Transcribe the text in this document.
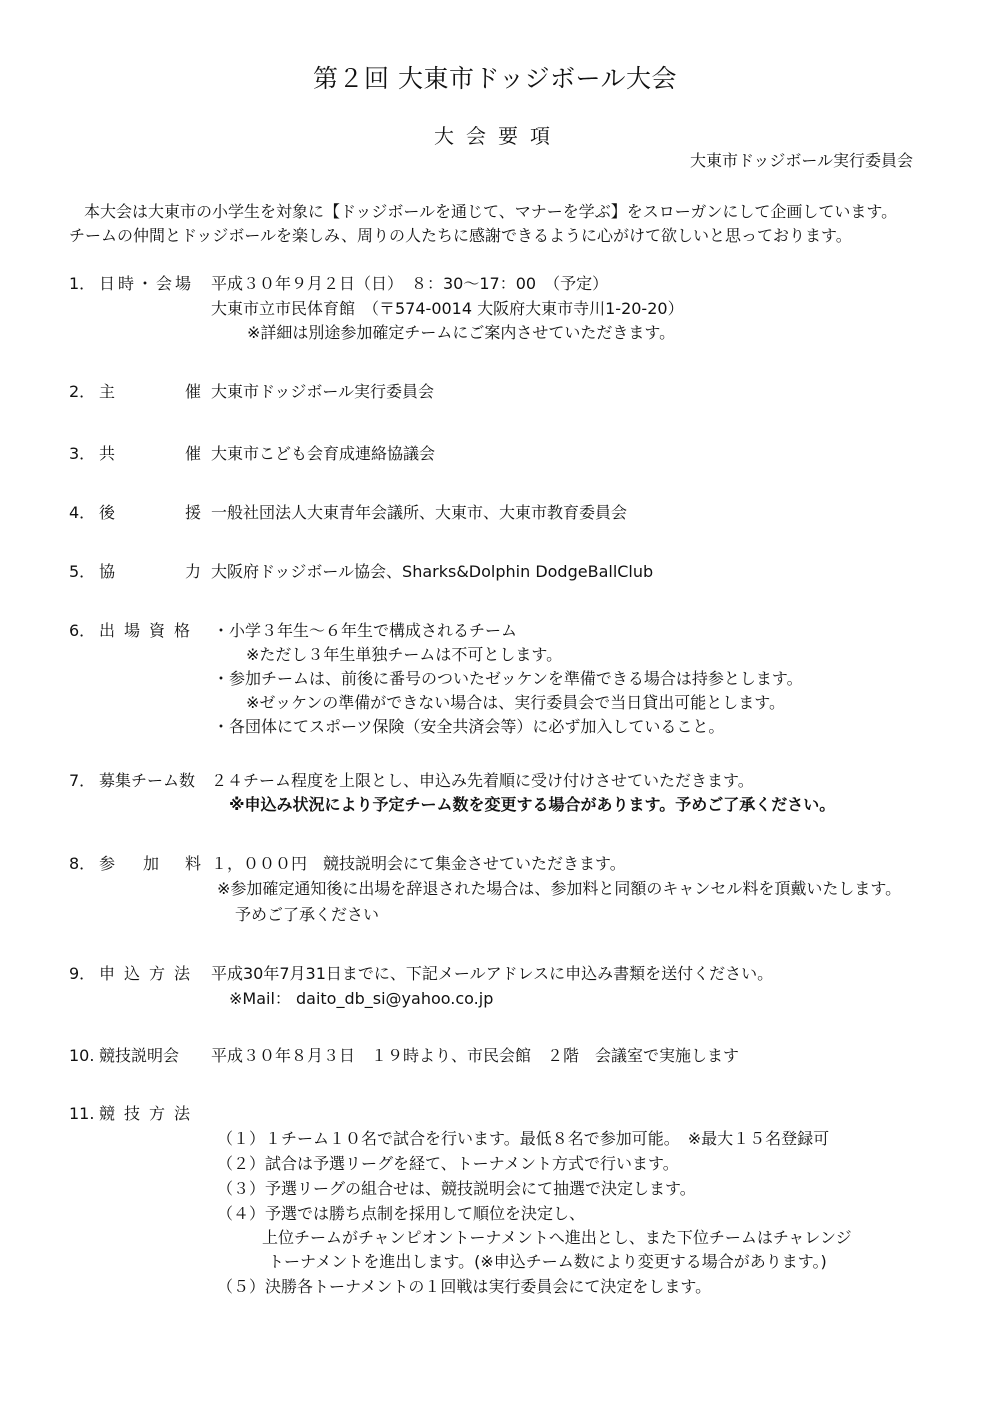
第２回 大東市ドッジボール大会
大会要項
大東市ドッジボール実行委員会
本大会は大東市の小学生を対象に【ドッジボールを通じて、マナーを学ぶ】をスローガンにして企画しています。
チームの仲間とドッジボールを楽しみ、周りの人たちに感謝できるように心がけて欲しいと思っております。
1． 日時・会場 平成３０年９月２日（日）　８：30～17：00　（予定）
大東市立市民体育館　（〒574-0014 大阪府大東市寺川1-20-20）
※詳細は別途参加確定チームにご案内させていただきます。
2． 主	催 大東市ドッジボール実行委員会
3． 共	催 大東市こども会育成連絡協議会
4． 後	援 一般社団法人大東青年会議所、大東市、大東市教育委員会
5． 協	力 大阪府ドッジボール協会、Sharks&Dolphin DodgeBallClub
6． 出場資格 ・小学３年生～６年生で構成されるチーム
※ただし３年生単独チームは不可とします。
・参加チームは、前後に番号のついたゼッケンを準備できる場合は持参とします。
※ゼッケンの準備ができない場合は、実行委員会で当日貸出可能とします。
・各団体にてスポーツ保険（安全共済会等）に必ず加入していること。
7． 募集チーム数 ２４チーム程度を上限とし、申込み先着順に受け付けさせていただきます。
※申込み状況により予定チーム数を変更する場合があります。予めご了承ください。
8． 参 加 料 １，０００円　競技説明会にて集金させていただきます。
※参加確定通知後に出場を辞退された場合は、参加料と同額のキャンセル料を頂戴いたします。
予めご了承ください
9． 申込方法 平成30年7月31日までに、下記メールアドレスに申込み書類を送付ください。
※Mail： daito_db_si@yahoo.co.jp
10. 競技説明会 平成３０年８月３日　１９時より、市民会館　２階　会議室で実施します
11. 競技方法
（１）１チーム１０名で試合を行います。最低８名で参加可能。　※最大１５名登録可
（２）試合は予選リーグを経て、トーナメント方式で行います。
（３）予選リーグの組合せは、競技説明会にて抽選で決定します。
（４）予選では勝ち点制を採用して順位を決定し、
上位チームがチャンピオントーナメントへ進出とし、また下位チームはチャレンジ
トーナメントを進出します。(※申込チーム数により変更する場合があります。)
（５）決勝各トーナメントの１回戦は実行委員会にて決定をします。
